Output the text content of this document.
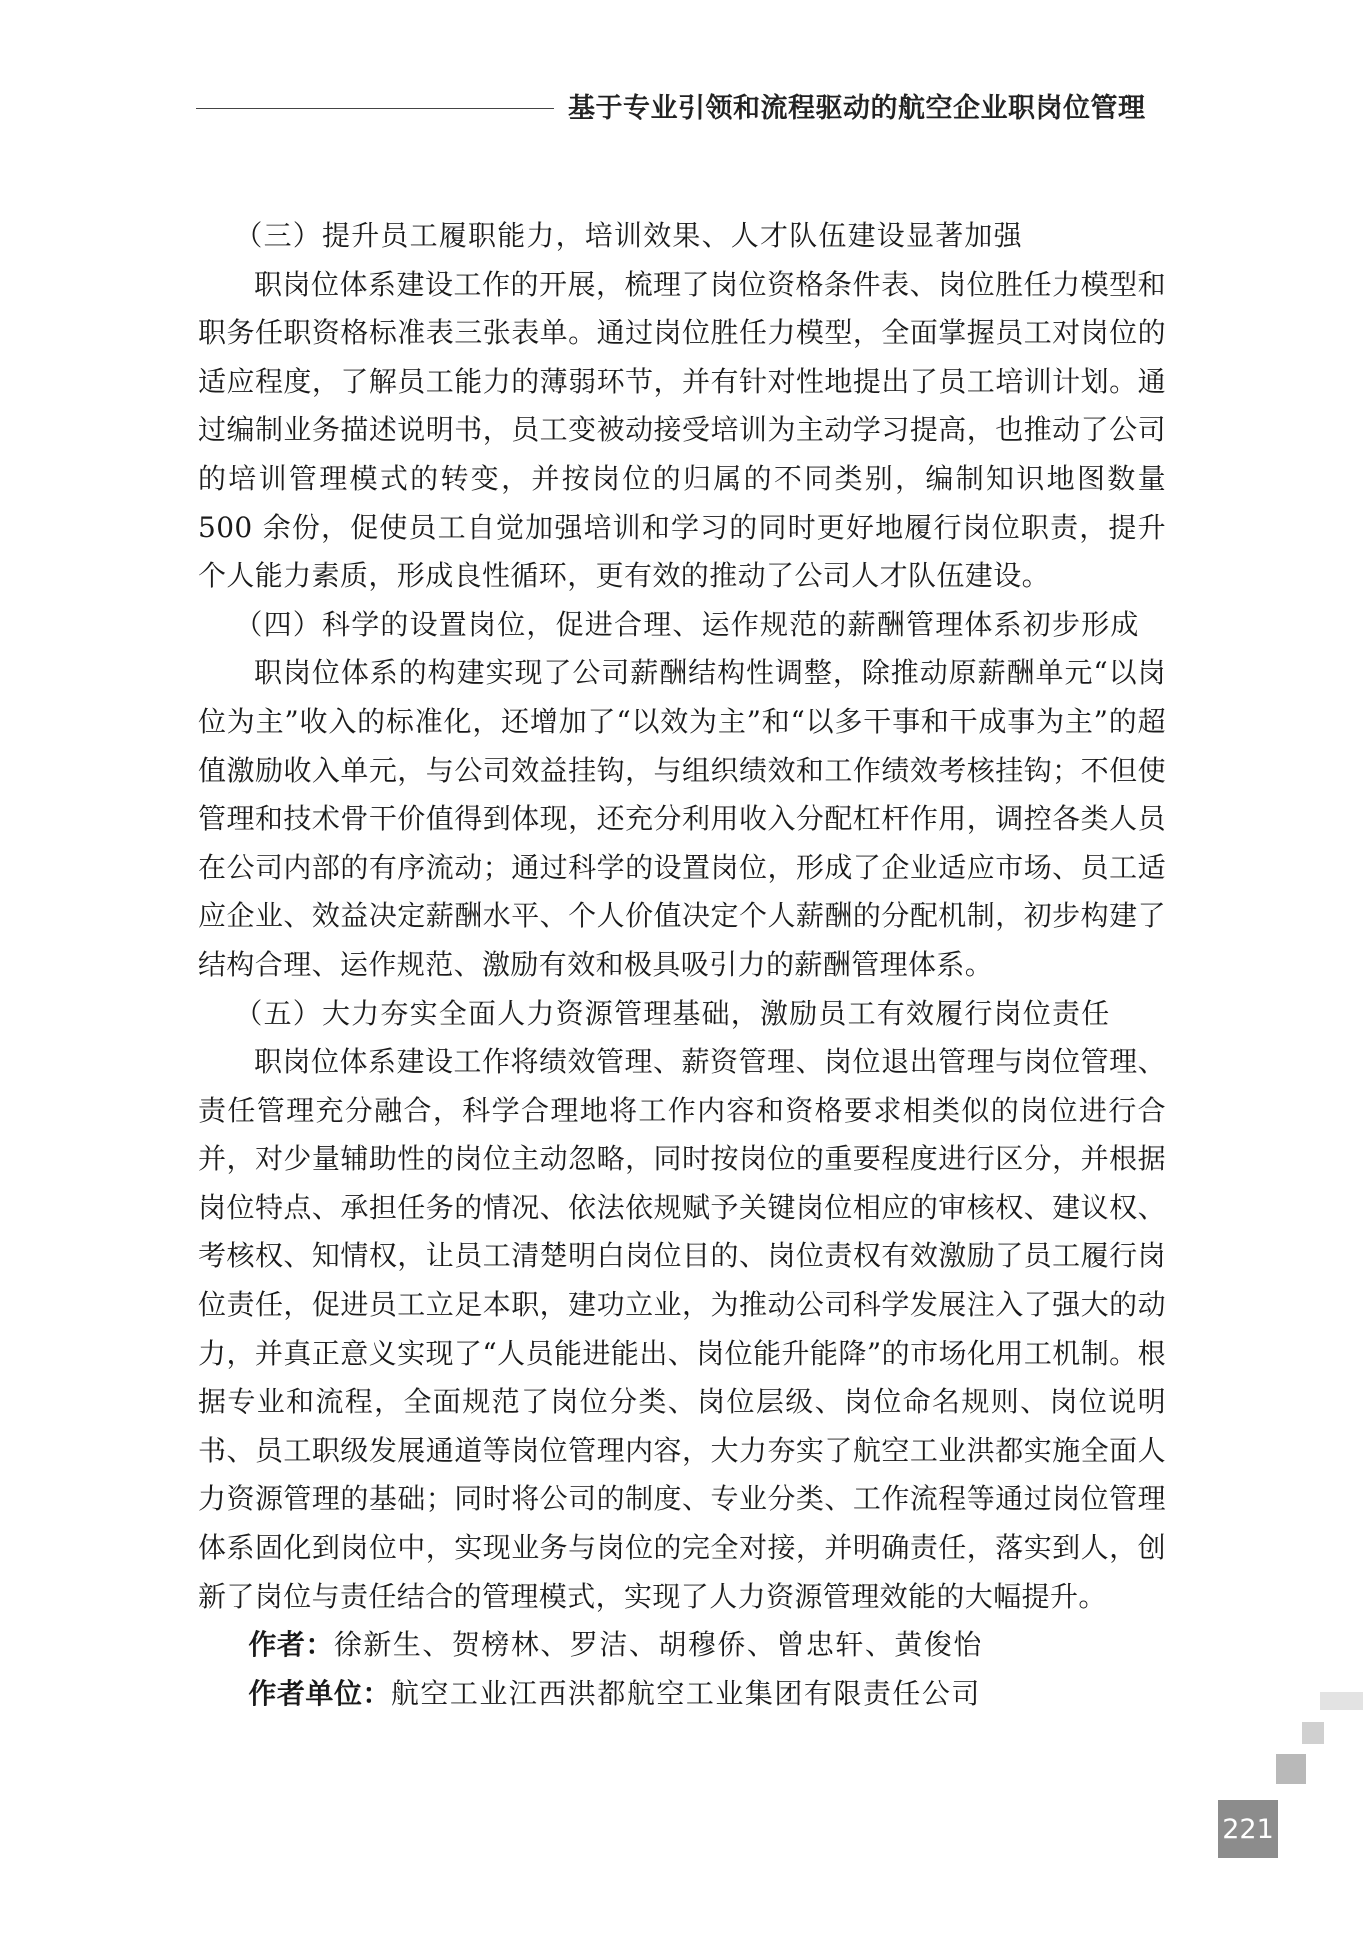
基于专业引领和流程驱动的航空企业职岗位管理

（三）提升员工履职能力，培训效果、人才队伍建设显著加强

职岗位体系建设工作的开展，梳理了岗位资格条件表、岗位胜任力模型和职务任职资格标准表三张表单。通过岗位胜任力模型，全面掌握员工对岗位的适应程度，了解员工能力的薄弱环节，并有针对性地提出了员工培训计划。通过编制业务描述说明书，员工变被动接受培训为主动学习提高，也推动了公司的培训管理模式的转变，并按岗位的归属的不同类别，编制知识地图数量 500 余份，促使员工自觉加强培训和学习的同时更好地履行岗位职责，提升个人能力素质，形成良性循环，更有效的推动了公司人才队伍建设。

（四）科学的设置岗位，促进合理、运作规范的薪酬管理体系初步形成

职岗位体系的构建实现了公司薪酬结构性调整，除推动原薪酬单元“以岗位为主”收入的标准化，还增加了“以效为主”和“以多干事和干成事为主”的超值激励收入单元，与公司效益挂钩，与组织绩效和工作绩效考核挂钩；不但使管理和技术骨干价值得到体现，还充分利用收入分配杠杆作用，调控各类人员在公司内部的有序流动；通过科学的设置岗位，形成了企业适应市场、员工适应企业、效益决定薪酬水平、个人价值决定个人薪酬的分配机制，初步构建了结构合理、运作规范、激励有效和极具吸引力的薪酬管理体系。

（五）大力夯实全面人力资源管理基础，激励员工有效履行岗位责任

职岗位体系建设工作将绩效管理、薪资管理、岗位退出管理与岗位管理、责任管理充分融合，科学合理地将工作内容和资格要求相类似的岗位进行合并，对少量辅助性的岗位主动忽略，同时按岗位的重要程度进行区分，并根据岗位特点、承担任务的情况、依法依规赋予关键岗位相应的审核权、建议权、考核权、知情权，让员工清楚明白岗位目的、岗位责权有效激励了员工履行岗位责任，促进员工立足本职，建功立业，为推动公司科学发展注入了强大的动力，并真正意义实现了“人员能进能出、岗位能升能降”的市场化用工机制。根据专业和流程，全面规范了岗位分类、岗位层级、岗位命名规则、岗位说明书、员工职级发展通道等岗位管理内容，大力夯实了航空工业洪都实施全面人力资源管理的基础；同时将公司的制度、专业分类、工作流程等通过岗位管理体系固化到岗位中，实现业务与岗位的完全对接，并明确责任，落实到人，创新了岗位与责任结合的管理模式，实现了人力资源管理效能的大幅提升。

作者：徐新生、贺榜林、罗洁、胡穆侨、曾忠轩、黄俊怡

作者单位：航空工业江西洪都航空工业集团有限责任公司

221
